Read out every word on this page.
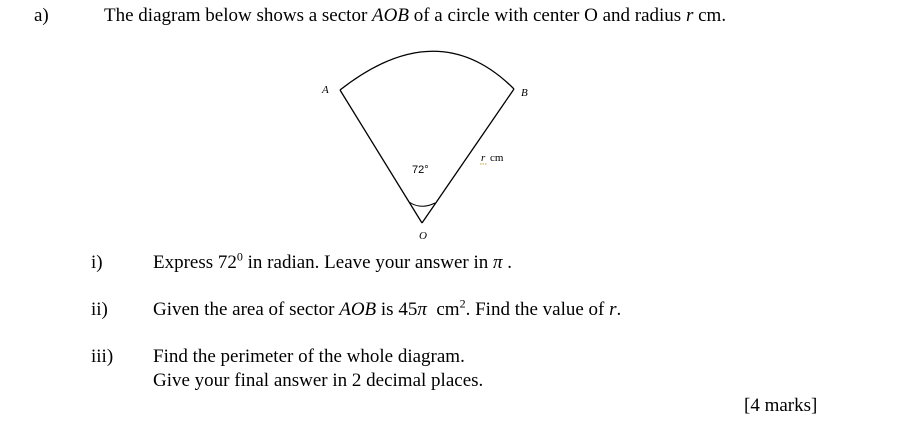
a)	The diagram below shows a sector AOB of a circle with center O and radius r cm.
A	B
O
72°
r cm
i)	Express $72^0$ in radian. Leave your answer in π .
ii) Given the area of sector AOB is 45π  $cm^2$. Find the value of r.
iii) Find the perimeter of the whole diagram.
Give your final answer in 2 decimal places.
[4 marks]
